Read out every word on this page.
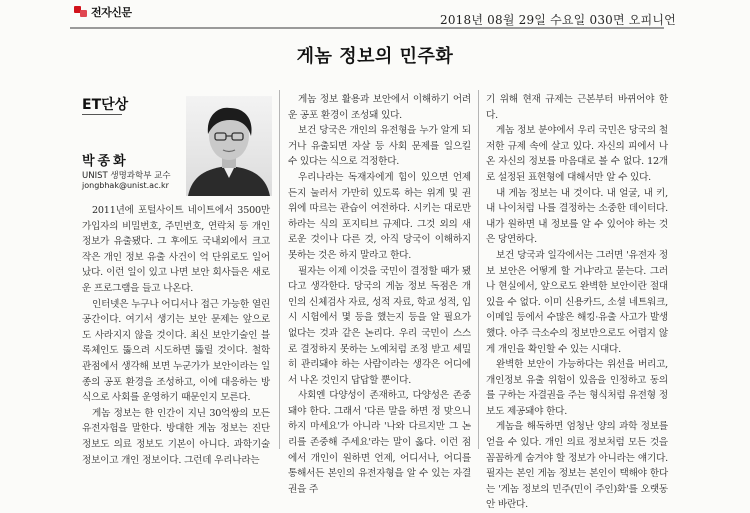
전자신문
2018년 08월 29일 수요일 030면 오피니언
게놈 정보의 민주화
ET단상
박종화
UNIST 생명과학부 교수
jongbhak@unist.ac.kr

2011년에 포털사이트 네이트에서 3500만 가입자의 비밀번호, 주민번호, 연락처 등 개인정보가 유출됐다. 그 후에도 국내외에서 크고 작은 개인 정보 유출 사건이 억 단위로도 일어났다. 이런 일이 있고 나면 보안 회사들은 새로운 프로그램을 들고 나온다.

인터넷은 누구나 어디서나 접근 가능한 열린 공간이다. 여기서 생기는 보안 문제는 앞으로도 사라지지 않을 것이다. 최신 보안기술인 블록체인도 뚫으려 시도하면 뚫릴 것이다. 철학 관점에서 생각해 보면 누군가가 보안이라는 일종의 공포 환경을 조성하고, 이에 대응하는 방식으로 사회를 운영하기 때문인지 모른다.

게놈 정보는 한 인간이 지닌 30억쌍의 모든 유전자험을 말한다. 방대한 게놈 정보는 진단 정보도 의료 정보도 기본이 아니다. 과학기술 정보이고 개인 정보이다. 그런데 우리나라는

게놈 정보 활용과 보안에서 이해하기 어려운 공포 환경이 조성돼 있다.

보건 당국은 개인의 유전형을 누가 알게 되거나 유출되면 자살 등 사회 문제를 일으킬 수 있다는 식으로 걱정한다.

우리나라는 독재자에게 힘이 있으면 언제든지 눌러서 가만히 있도록 하는 위계 및 권위에 따르는 관습이 여전하다. 시키는 대로만 하라는 식의 포지티브 규제다. 그것 외의 새로운 것이나 다른 것, 아직 당국이 이해하지 못하는 것은 하지 말라고 한다.

필자는 이제 이것을 국민이 결정할 때가 됐다고 생각한다. 당국의 게놈 정보 독점은 개인의 신체검사 자료, 성적 자료, 학교 성적, 입시 시험에서 몇 등을 했는지 등을 알 필요가 없다는 것과 같은 논리다. 우리 국민이 스스로 결정하지 못하는 노예처럼 조정 받고 세밀히 관리돼야 하는 사람이라는 생각은 어디에서 나온 것인지 답답할 뿐이다.

사회엔 다양성이 존재하고, 다양성은 존중돼야 한다. 그래서 '다른 말을 하면 정 맞으니 하지 마세요'가 아니라 '나와 다르지만 그 논리를 존중해 주세요'라는 말이 옳다. 이런 점에서 개인이 원하면 언제, 어디서나, 어디를 통해서든 본인의 유전자형을 알 수 있는 자결권을 주

기 위해 현재 규제는 근본부터 바뀌어야 한다.

게놈 정보 분야에서 우리 국민은 당국의 철저한 규제 속에 살고 있다. 자신의 피에서 나온 자신의 정보를 마음대로 볼 수 없다. 12개로 설정된 표현형에 대해서만 알 수 있다.

내 게놈 정보는 내 것이다. 내 얼굴, 내 키, 내 나이처럼 나를 결정하는 소중한 데이터다. 내가 원하면 내 정보를 알 수 있어야 하는 것은 당연하다.

보건 당국과 일각에서는 그러면 '유전자 정보 보안은 어떻게 할 거냐'라고 묻는다. 그러나 현실에서, 앞으로도 완벽한 보안이란 절대 있을 수 없다. 이미 신용카드, 소셜 네트워크, 이메일 등에서 수많은 해킹·유출 사고가 발생했다. 아주 극소수의 정보만으로도 어렵지 않게 개인을 확인할 수 있는 시대다.

완벽한 보안이 가능하다는 위선을 버리고, 개인정보 유출 위험이 있음을 인정하고 동의를 구하는 자결권을 주는 형식처럼 유전형 정보도 제공돼야 한다.

게놈을 해독하면 엄청난 양의 과학 정보를 얻을 수 있다. 개인 의료 정보처럼 모든 것을 꼼꼼하게 숨겨야 할 정보가 아니라는 얘기다. 필자는 본인 게놈 정보는 본인이 택해야 한다는 '게놈 정보의 민주(민이 주인)화'를 오랫동안 바란다.
